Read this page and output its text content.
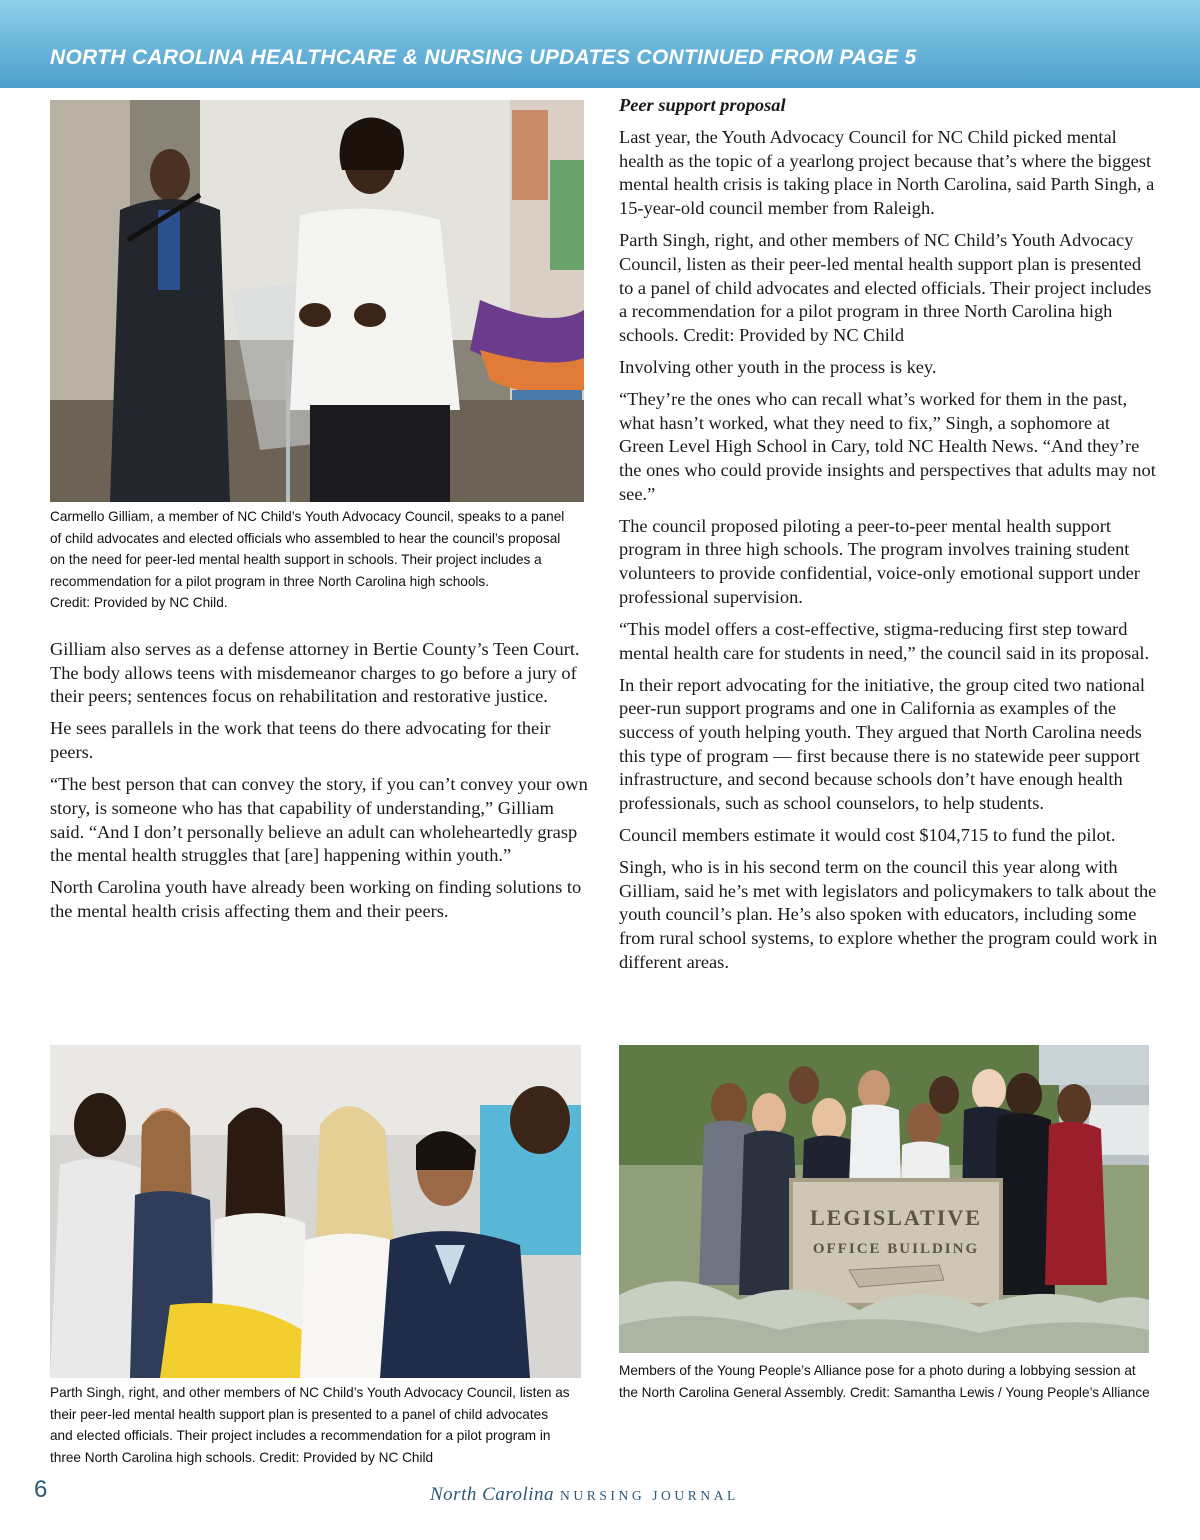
NORTH CAROLINA HEALTHCARE & NURSING UPDATES CONTINUED FROM PAGE 5

Carmello Gilliam, a member of NC Child’s Youth Advocacy Council, speaks to a panel

of child advocates and elected officials who assembled to hear the council’s proposal

on the need for peer-led mental health support in schools. Their project includes a

recommendation for a pilot program in three North Carolina high schools.

Credit: Provided by NC Child.

Gilliam also serves as a defense attorney in Bertie County’s Teen Court. The body allows teens with misdemeanor charges to go before a jury of their peers; sentences focus on rehabilitation and restorative justice.

He sees parallels in the work that teens do there advocating for their peers.

“The best person that can convey the story, if you can’t convey your own story, is someone who has that capability of understanding,” Gilliam said. “And I don’t personally believe an adult can wholeheartedly grasp the mental health struggles that [are] happening within youth.”

North Carolina youth have already been working on finding solutions to the mental health crisis affecting them and their peers.

Peer support proposal

Last year, the Youth Advocacy Council for NC Child picked mental health as the topic of a yearlong project because that’s where the biggest mental health crisis is taking place in North Carolina, said Parth Singh, a 15-year-old council member from Raleigh.

Parth Singh, right, and other members of NC Child’s Youth Advocacy Council, listen as their peer-led mental health support plan is presented to a panel of child advocates and elected officials. Their project includes a recommendation for a pilot program in three North Carolina high schools. Credit: Provided by NC Child

Involving other youth in the process is key.

“They’re the ones who can recall what’s worked for them in the past, what hasn’t worked, what they need to fix,” Singh, a sophomore at Green Level High School in Cary, told NC Health News. “And they’re the ones who could provide insights and perspectives that adults may not see.”

The council proposed piloting a peer-to-peer mental health support program in three high schools. The program involves training student volunteers to provide confidential, voice-only emotional support under professional supervision.

“This model offers a cost-effective, stigma-reducing first step toward mental health care for students in need,” the council said in its proposal.

In their report advocating for the initiative, the group cited two national peer-run support programs and one in California as examples of the success of youth helping youth. They argued that North Carolina needs this type of program — first because there is no statewide peer support infrastructure, and second because schools don’t have enough health professionals, such as school counselors, to help students.

Council members estimate it would cost $104,715 to fund the pilot.

Singh, who is in his second term on the council this year along with Gilliam, said he’s met with legislators and policymakers to talk about the youth council’s plan. He’s also spoken with educators, including some from rural school systems, to explore whether the program could work in different areas.

Parth Singh, right, and other members of NC Child’s Youth Advocacy Council, listen as

their peer-led mental health support plan is presented to a panel of child advocates

and elected officials. Their project includes a recommendation for a pilot program in

three North Carolina high schools. Credit: Provided by NC Child

LEGISLATIVE
OFFICE BUILDING

Members of the Young People’s Alliance pose for a photo during a lobbying session at

the North Carolina General Assembly. Credit: Samantha Lewis / Young People’s Alliance

6	North Carolina NURSING JOURNAL
